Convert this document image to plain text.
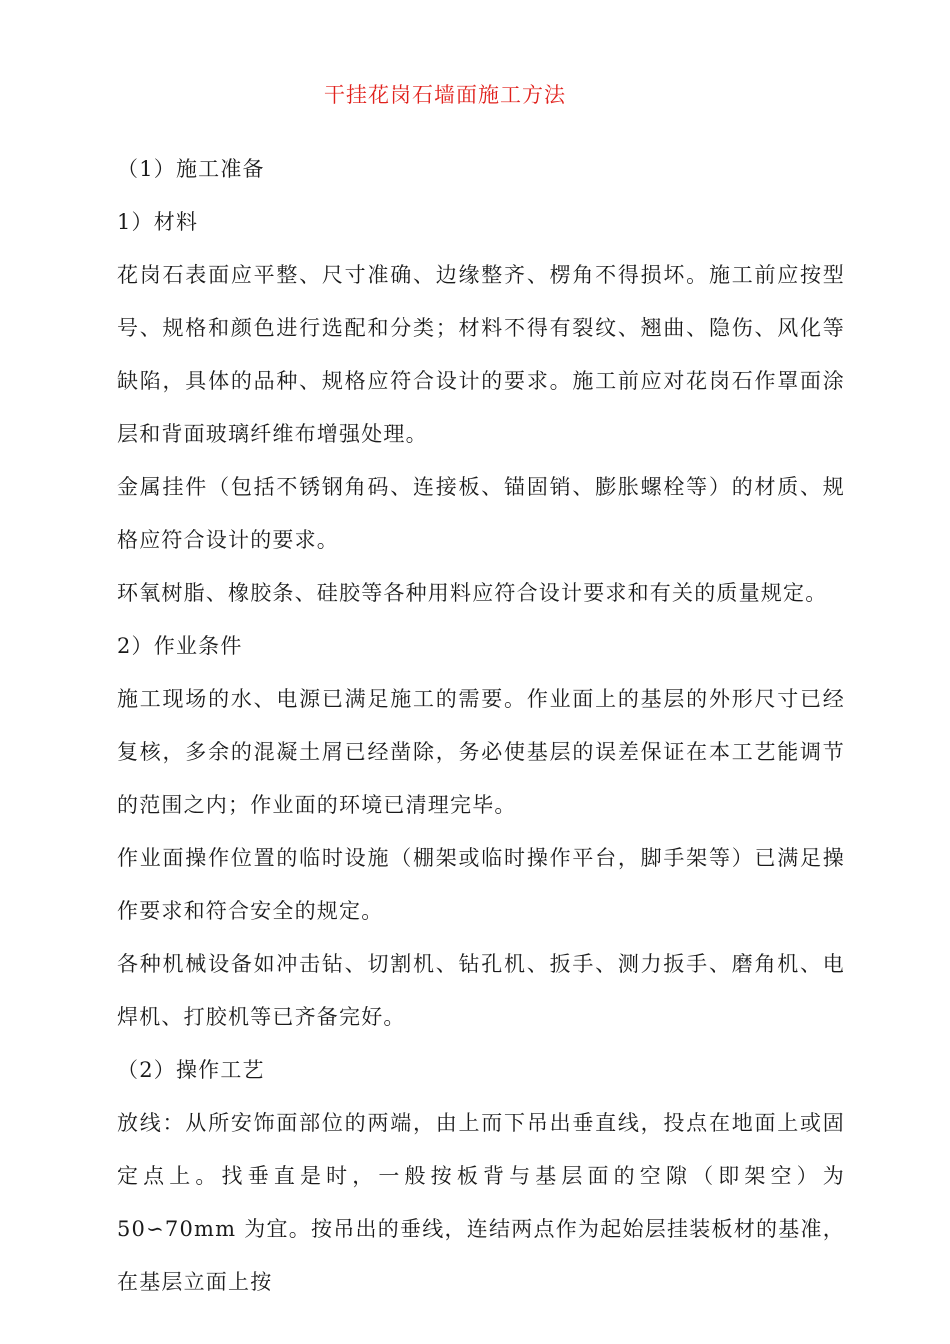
干挂花岗石墙面施工方法

（1）施工准备

1）材料

花岗石表面应平整、尺寸准确、边缘整齐、楞角不得损坏。施工前应按型号、规格和颜色进行选配和分类；材料不得有裂纹、翘曲、隐伤、风化等缺陷，具体的品种、规格应符合设计的要求。施工前应对花岗石作罩面涂层和背面玻璃纤维布增强处理。

金属挂件（包括不锈钢角码、连接板、锚固销、膨胀螺栓等）的材质、规格应符合设计的要求。

环氧树脂、橡胶条、硅胶等各种用料应符合设计要求和有关的质量规定。

2）作业条件

施工现场的水、电源已满足施工的需要。作业面上的基层的外形尺寸已经复核，多余的混凝土屑已经凿除，务必使基层的误差保证在本工艺能调节的范围之内；作业面的环境已清理完毕。

作业面操作位置的临时设施（棚架或临时操作平台，脚手架等）已满足操作要求和符合安全的规定。

各种机械设备如冲击钻、切割机、钻孔机、扳手、测力扳手、磨角机、电焊机、打胶机等已齐备完好。

（2）操作工艺

放线：从所安饰面部位的两端，由上而下吊出垂直线，投点在地面上或固定点上。找垂直是时，一般按板背与基层面的空隙（即架空）为 50∽70mm 为宜。按吊出的垂线，连结两点作为起始层挂装板材的基准，在基层立面上按
